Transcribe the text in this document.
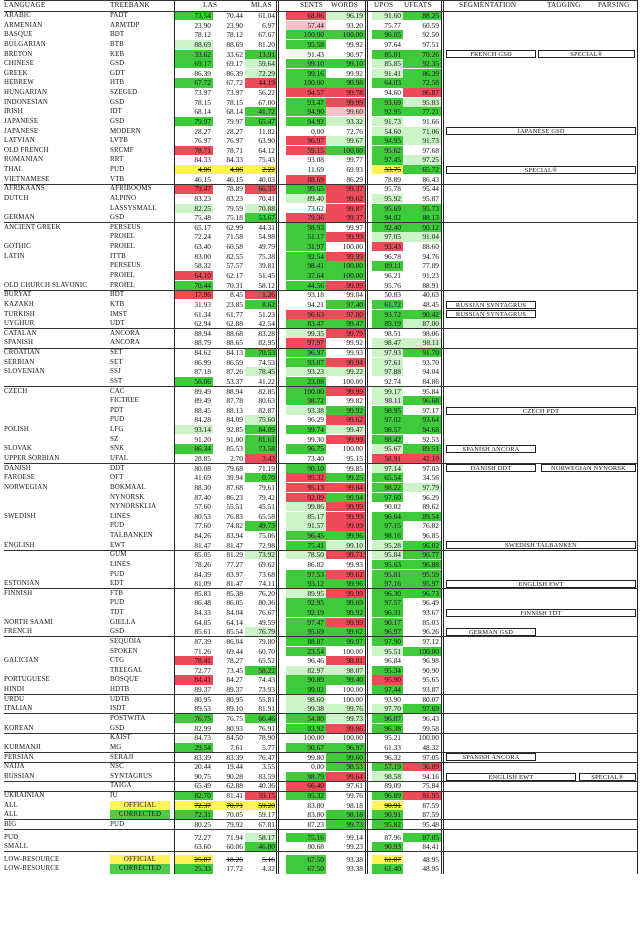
LANGUAGE	TREEBANK	LAS	MLAS	SENTS WORDS UPOS UFEATS	SEGMENTATION	TAGGING PARSING
ARABIC	PADT	73.54	70.44	61.04	68.06	96.19	91.60	88.25
ARMENIAN	ARMTDP	23.90	23.90	6.97	57.44	93.20	75.77	60.59
BASQUE	BDT	78.12	78.12	67.67	100.00	100.00	96.05	92.50
BULGARIAN	BTB	88.69	88.69	81.20	95.58	99.92	97.64	97.51
BRETON	KEB	33.62	33.62	13.91	91.43	90.97	85.01	70.26
CHINESE	GSD	69.17	69.17	59.64	99.10	99.10	85.85	92.35
GREEK	GDT	86.39	86.39	72.29	99.16	99.92	91.41	86.39
HEBREW	HTB	67.72	67.72	44.19	100.00	90.98	64.03	72.58
HUNGARIAN	SZEGED	73.97	73.97	56.22	94.57	99.78	94.60	86.87
INDONESIAN	GSD	78.15	78.15	67.00	93.47	99.99	93.69	95.83
IRISH	IDT	68.14	68.14	41.72	94.90	99.60	92.95	77.21
JAPANESE	GSD	79.97	79.97	65.47	94.92	93.32	91.73	91.66
JAPANESE	MODERN	28.27	28.27	11.82	0.00	72.76	54.60	71.06
LATVIAN	LVTB	76.97	76.97	63.90	96.97	99.67	94.95	91.73
OLD FRENCH	SRCMF	78.71	78.71	64.12	59.15	100.00	95.62	97.68
ROMANIAN	RRT	84.33	84.33	75.43	93.08	99.77	97.45	97.25
THAI	PUD	4.86	4.86	2.22	11.69	69.93	33.75	65.72
VIETNAMESE	VTB	46.15	46.15	40.03	88.69	86.29	78.89	86.43
AFRIKAANS	AFRIBOOMS	79.47	78.89	66.35	99.65	99.37	95.78	95.44
DUTCH	ALPINO	83.23	83.23	70.41	89.40	99.62	95.92	95.87
LASSYSMALL	82.25	79.59	70.88	73.62	99.87	95.69	95.73
GERMAN	GSD	75.48	75.18	53.67	79.36	99.37	94.02	88.13
ANCIENT GREEK	PERSEUS	65.17	62.99	44.31	98.93	99.97	92.40	90.12
PROIEL	72.24	71.58	54.98	51.17	99.99	97.05	91.04
GOTHIC	PROIEL	63.40	60.58	49.79	31.97	100.00	93.43	88.60
LATIN	ITTB	83.00	82.55	75.38	92.54	99.99	96.78	94.76
PERSEUS	58.32	57.57	39.81	98.41	100.00	89.11	77.89
PROIEL	64.10	62.17	51.45	37.64	100.00	96.21	91.23
OLD CHURCH SLAVONIC	PROIEL	70.44	70.31	58.12	44.56	99.99	95.76	88.91
BURYAT	BDT	17.96	8.45	1.26	93.18	99.04	50.83	40.63
KAZAKH	KTB	31.93	23.85	8.62	94.21	97.40	61.72	48.45
TURKISH	IMST	61.34	61.77	51.23	96.63	97.80	93.72	90.42
UYGHUR	UDT	62.94	62.88	42.54	83.47	99.47	89.19	87.00
CATALAN	ANCORA	88.94	88.68	83.28	99.35	99.79	98.51	98.06
SPANISH	ANCORA	88.79	88.65	82.95	97.97	99.92	98.47	98.11
CROATIAN	SET	84.62	84.13	70.53	96.97	99.93	97.93	91.70
SERBIAN	SET	86.99	86.59	74.53	93.07	99.94	97.61	93.70
SLOVENIAN	SSJ	87.18	87.26	78.45	93.23	99.22	97.88	94.04
SST	56.06	53.37	41.22	23.08	100.00	92.74	84.86
CZECH	CAC	89.49	88.94	82.85	100.00	99.99	99.17	95.84
FICTREE	89.49	87.78	80.63	98.72	99.82	98.11	96.68
PDT	88.45	88.13	82.87	93.38	99.92	98.95	97.17
PUD	84.28	84.09	75.60	96.29	99.62	97.02	93.64
POLISH	LFG	93.14	92.85	84.09	99.74	99.47	98.57	94.68
SZ	91.20	91.00	81.61	99.30	99.99	98.42	92.53
SLOVAK	SNK	86.34	85.53	73.58	96.75	100.00	95.67	89.51
UPPER SORBIAN	UFAL	28.85	2.70	3.43	73.40	95.15	58.91	42.10
DANISH	DDT	80.08	79.68	71.19	90.10	99.85	97.14	97.03
FAROESE	OFT	41.69	39.94	0.70	95.32	99.25	65.54	34.56
NORWEGIAN	BOKMAAL	88.30	87.68	79.61	95.13	99.84	98.22	97.79
NYNORSK	87.40	86.23	79.42	92.09	99.94	97.60	96.29
NYNORSKLIA	57.60	55.51	45.51	99.86	99.99	90.02	89.62
SWEDISH	LINES	80.53	76.83	65.58	85.17	99.99	96.64	89.54
PUD	77.60	74.82	49.73	91.57	99.99	97.15	76.82
TALBANKEN	84.26	83.94	75.06	96.45	99.96	98.16	96.85
ENGLISH	EWT	81.47	81.47	72.98	75.41	99.10	95.28	96.02
GUM	85.05	81.29	73.92	78.50	99.71	95.84	96.77
LINES	78.26	77.27	69.62	86.82	99.93	95.63	96.88
PUD	84.39	83.97	73.68	97.53	99.62	95.81	95.59
ESTONIAN	EDT	81.09	81.47	74.11	93.12	99.96	97.16	95.97
FINNISH	FTB	85.83	85.38	76.20	89.95	99.99	96.30	96.73
PUD	86.48	86.05	80.36	92.95	99.69	97.57	96.49
TDT	84.33	84.04	76.67	92.19	99.92	96.31	93.67
NORTH SAAMI	GIELLA	64.85	64.14	49.59	97.47	99.99	90.17	85.03
FRENCH	GSD	85.61	85.54	76.79	95.69	99.62	96.97	96.26
SEQUOIA	87.39	86.04	79.80	88.87	99.97	97.90	97.12
SPOKEN	71.26	69.44	60.70	23.54	100.00	95.51	100.00
GALICIAN	CTG	78.41	78.27	65.52	96.46	98.01	96.84	96.98
TREEGAL	72.77	73.45	58.22	82.97	98.07	95.34	90.90
PORTUGUESE	BOSQUE	84.41	84.27	74.43	90.89	99.40	95.90	95.65
HINDI	HDTB	89.37	89.37	73.93	99.02	100.00	97.44	93.87
URDU	UDTB	80.95	80.95	55.81	98.60	100.00	93.90	80.07
ITALIAN	ISDT	89.53	89.10	81.91	99.38	99.76	97.70	97.69
POSTWITA	76.75	76.75	66.46	54.00	99.73	96.07	96.43
KOREAN	GSD	82.99	80.93	76.91	93.92	99.86	96.38	99.58
KAIST	84.73	84.50	78.90	100.00	100.00	95.21	100.00
KURMANJI	MG	29.54	7.61	5.77	90.67	96.97	61.33	48.32
PERSIAN	SERAJI	83.39	83.39	76.47	99.80	99.60	96.32	97.05
NAIJA	NSC	20.44	19.44	3.55	0.00	98.53	57.19	36.09
RUSSIAN	SYNTAGRUS	90.75	90.28	83.59	98.79	99.64	98.58	94.16
TAIGA	65.49	62.88	40.36	66.40	97.61	89.09	75.84
UKRAINIAN	IU	82.70	81.41	59.15	95.32	99.76	96.89	81.95
ALL	OFFICIAL	72.37	70.71	59.20	83.80	98.18	90.91	87.59
ALL	CORRECTED	72.31	70.05	59.17	83.80	98.18	90.91	87.59
BIG	PUD	80.25	79.92	67.81	87.23	99.73	95.82	95.48
PUD	72.27	71.94	58.17	75.16	99.14	87.96	87.05
SMALL	63.60	60.06	46.80	80.68	99.23	90.93	84.41
LOW-RESOURCE	OFFICIAL	25.87	18.26	5.16	67.50	93.38	61.07	48.95
LOW-RESOURCE	CORRECTED	25.33	17.72	4.32	67.50	93.38	61.40	48.95
FRENCH GSD	SPECIAL®
JAPANESE GSD
SPECIAL®
RUSSIAN SYNTAGRUS
RUSSIAN SYNTAGRUS
CZECH PDT
SPANISH ANCORA
DANISH DDT	NORWEGIAN NYNORSK
SWEDISH TALBANKEN
ENGLISH EWT
FINNISH TDT
GERMAN GSD
SPANISH ANCORA
ENGLISH EWT	SPECIAL®
